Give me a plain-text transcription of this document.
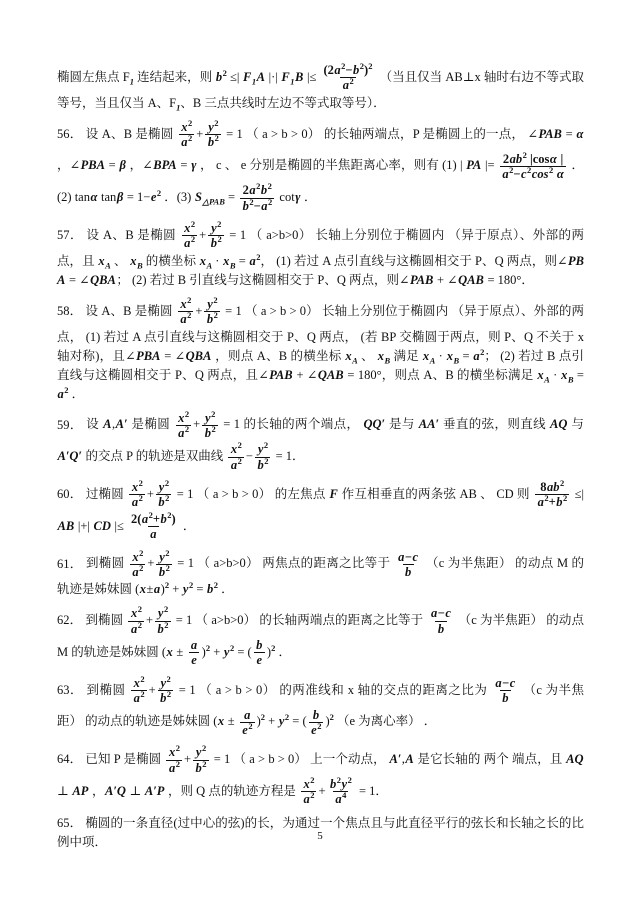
椭圆左焦点 $F_1$ 连结起来，则 $b^2$ ≤| $F_1A$ |·| $F_1B$ |≤ $\frac{(2a^2-b^2)^2}{a^2}$ （当且仅当 AB⊥x 轴时右边不等式取等号，当且仅当 A、$F_1$、B 三点共线时左边不等式取等号）．

56． 设 A、B 是椭圆 $\frac{x^2}{a^2} + \frac{y^2}{b^2} = 1$ （ a > b > 0） 的长轴两端点，P 是椭圆上的一点， ∠PAB = α ，∠PBA = β ，∠BPA = γ ， c 、 e 分别是椭圆的半焦距离心率，则有 (1) | PA |= $\frac{2ab^2 |\cos\alpha |}{a^2-c^2\cos^2 \alpha}$ ．(2) tanα $\tan\beta = 1-e^2$ ．(3) $S_{\triangle PAB} = \frac{2a^2b^2}{b^2-a^2}$ cotγ ．

57． 设 A、B 是椭圆 $\frac{x^2}{a^2} + \frac{y^2}{b^2} = 1$ （ a>b>0） 长轴上分别位于椭圆内 （异于原点）、外部的两点，且 $x_A$ 、 $x_B$ 的横坐标 $x_A \cdot x_B = a^2$， (1) 若过 A 点引直线与这椭圆相交于 P、Q 两点，则∠PBA = ∠QBA； (2) 若过 B 引直线与这椭圆相交于 P、Q 两点，则∠PAB + ∠QAB = 180°．

58． 设 A、B 是椭圆 $\frac{x^2}{a^2} + \frac{y^2}{b^2} = 1$ （ a > b > 0） 长轴上分别位于椭圆内 （异于原点）、外部的两点， (1) 若过 A 点引直线与这椭圆相交于 P、Q 两点， (若 BP 交椭圆于两点，则 P、Q 不关于 x 轴对称)，且∠PBA = ∠QBA ，则点 A、B 的横坐标 $x_A$ 、 $x_B$ 满足 $x_A \cdot x_B = a^2$； (2) 若过 B 点引直线与这椭圆相交于 P、Q 两点，且∠PAB + ∠QAB = 180°，则点 A、B 的横坐标满足 $x_A \cdot x_B = a^2$ ．

59． 设 A,A′ 是椭圆 $\frac{x^2}{a^2} + \frac{y^2}{b^2} = 1$ 的长轴的两个端点， QQ′ 是与 AA′ 垂直的弦，则直线 AQ 与 A′Q′ 的交点 P 的轨迹是双曲线 $\frac{x^2}{a^2} - \frac{y^2}{b^2} = 1$．

60． 过椭圆 $\frac{x^2}{a^2} + \frac{y^2}{b^2} = 1$ （ a > b > 0） 的左焦点 F 作互相垂直的两条弦 AB 、 CD 则 $\frac{8ab^2}{a^2+b^2}$ ≤| AB |+| CD |≤ $\frac{2(a^2+b^2)}{a}$ ．

61． 到椭圆 $\frac{x^2}{a^2} + \frac{y^2}{b^2} = 1$ （ a>b>0） 两焦点的距离之比等于 $\frac{a-c}{b} (c$ 为半焦距） 的动点 M 的轨迹是姊妹圆 $(x\pm a)^2 + y^2 = b^2$ ．

62． 到椭圆 $\frac{x^2}{a^2} + \frac{y^2}{b^2} = 1$ （ a>b>0） 的长轴两端点的距离之比等于 $\frac{a-c}{b} (c$ 为半焦距） 的动点 M 的轨迹是姊妹圆 $(x \pm \frac{a}{e} )^2 + y^2$ = ( $\frac{b}{e} )^2$ ．

63． 到椭圆 $\frac{x^2}{a^2} + \frac{y^2}{b^2} = 1$ （ a > b > 0） 的两准线和 x 轴的交点的距离之比为 $\frac{a-c}{b} (c$ 为半焦距） 的动点的轨迹是姊妹圆 $(x \pm \frac{a}{e^2} )^2 + y^2$ = ( $\frac{b}{e^2} )^2$ （e 为离心率） ．

64． 已知 P 是椭圆 $\frac{x^2}{a^2} + \frac{y^2}{b^2} = 1$ （ a > b > 0） 上一个动点， A′,A 是它长轴的 两个 端点，且 AQ ⊥ AP ，A′Q ⊥ A′P ，则 Q 点的轨迹方程是 $\frac{x^2}{a^2} + \frac{b^2y^2}{a^4} = 1$．

65． 椭圆的一条直径(过中心的弦)的长，为通过一个焦点且与此直径平行的弦长和长轴之长的比例中项．	5
